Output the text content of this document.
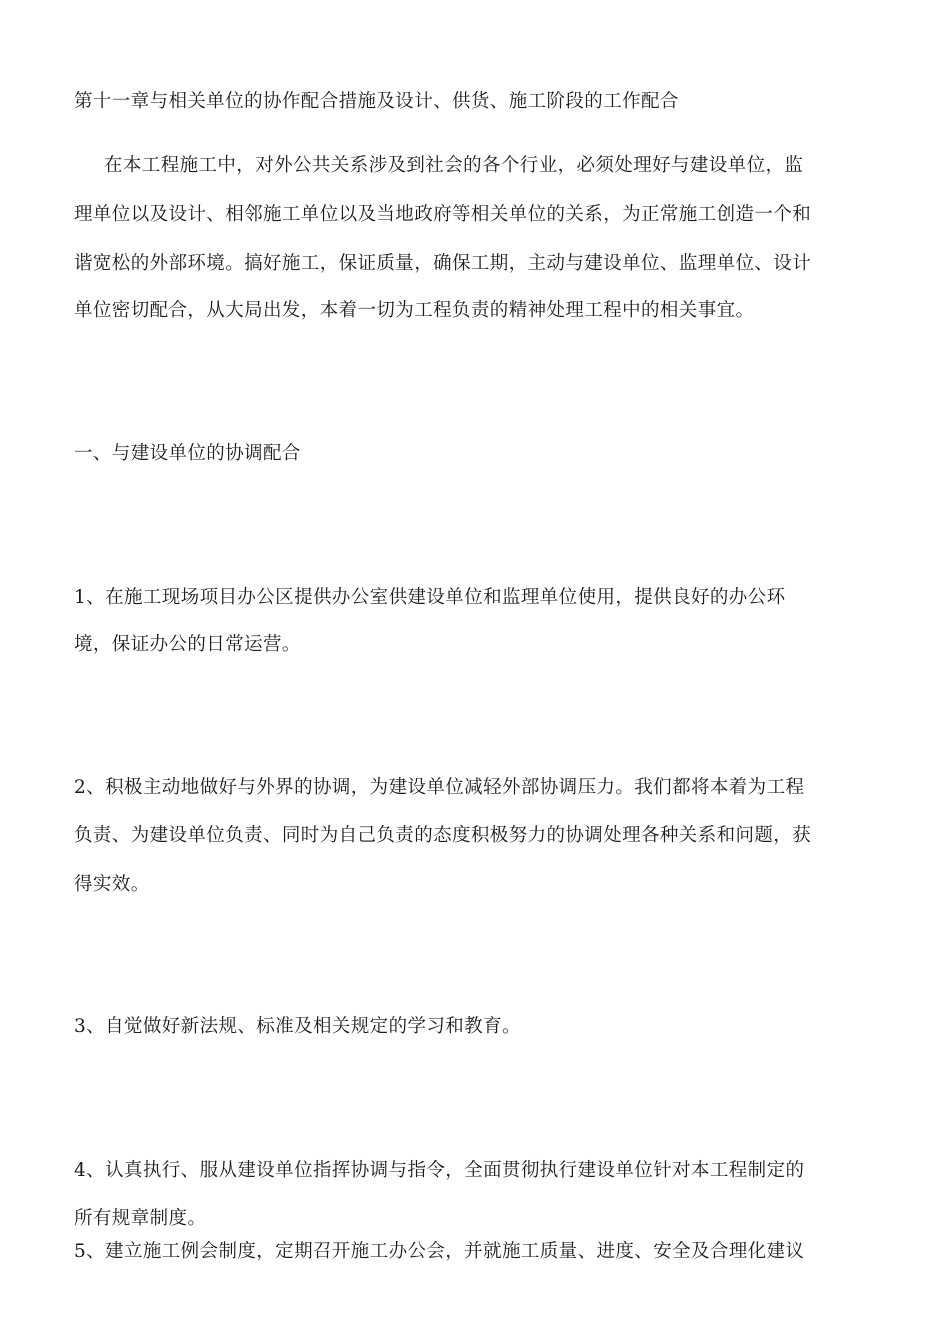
第十一章与相关单位的协作配合措施及设计、供货、施工阶段的工作配合
在本工程施工中，对外公共关系涉及到社会的各个行业，必须处理好与建设单位，监
理单位以及设计、相邻施工单位以及当地政府等相关单位的关系，为正常施工创造一个和
谐宽松的外部环境。搞好施工，保证质量，确保工期，主动与建设单位、监理单位、设计
单位密切配合，从大局出发，本着一切为工程负责的精神处理工程中的相关事宜。
一、与建设单位的协调配合
1、在施工现场项目办公区提供办公室供建设单位和监理单位使用，提供良好的办公环
境，保证办公的日常运营。
2、积极主动地做好与外界的协调，为建设单位减轻外部协调压力。我们都将本着为工程
负责、为建设单位负责、同时为自己负责的态度积极努力的协调处理各种关系和问题，获
得实效。
3、自觉做好新法规、标准及相关规定的学习和教育。
4、认真执行、服从建设单位指挥协调与指令，全面贯彻执行建设单位针对本工程制定的
所有规章制度。
5、建立施工例会制度，定期召开施工办公会，并就施工质量、进度、安全及合理化建议
